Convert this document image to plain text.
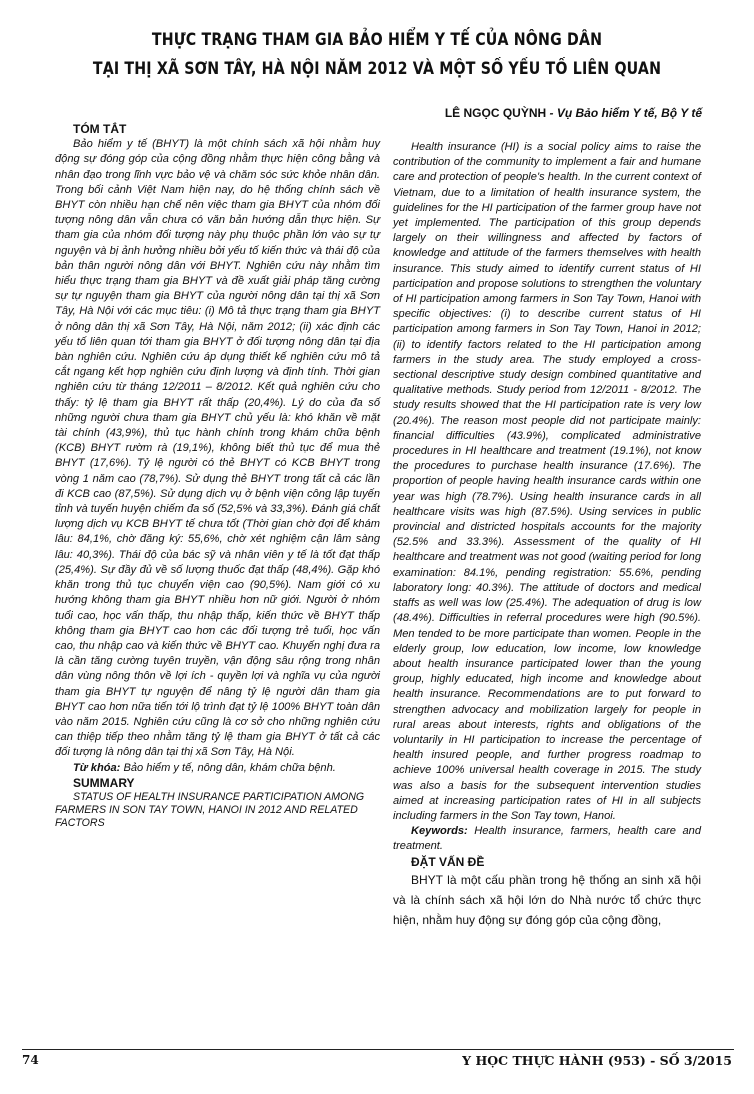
THỰC TRẠNG THAM GIA BẢO HIỂM Y TẾ CỦA NÔNG DÂN
TẠI THỊ XÃ SƠN TÂY, HÀ NỘI NĂM 2012 VÀ MỘT SỐ YẾU TỐ LIÊN QUAN
LÊ NGỌC QUỲNH - Vụ Bảo hiểm Y tế, Bộ Y tế

TÓM TẮT

Bảo hiểm y tế (BHYT) là một chính sách xã hội nhằm huy động sự đóng góp của cộng đồng nhằm thực hiện công bằng và nhân đạo trong lĩnh vực bảo vệ và chăm sóc sức khỏe nhân dân. Trong bối cảnh Việt Nam hiện nay, do hệ thống chính sách về BHYT còn nhiều hạn chế nên việc tham gia BHYT của nhóm đối tượng nông dân vẫn chưa có văn bản hướng dẫn thực hiện. Sự tham gia của nhóm đối tượng này phụ thuộc phần lớn vào sự tự nguyện và bị ảnh hưởng nhiều bởi yếu tố kiến thức và thái độ của bản thân người nông dân với BHYT. Nghiên cứu này nhằm tìm hiểu thực trạng tham gia BHYT và đề xuất giải pháp tăng cường sự tự nguyện tham gia BHYT của người nông dân tại thị xã Sơn Tây, Hà Nội với các mục tiêu: (i) Mô tả thực trạng tham gia BHYT ở nông dân thị xã Sơn Tây, Hà Nội, năm 2012; (ii) xác định các yếu tố liên quan tới tham gia BHYT ở đối tượng nông dân tại địa bàn nghiên cứu. Nghiên cứu áp dụng thiết kế nghiên cứu mô tả cắt ngang kết hợp nghiên cứu định lượng và định tính. Thời gian nghiên cứu từ tháng 12/2011 – 8/2012. Kết quả nghiên cứu cho thấy: tỷ lệ tham gia BHYT rất thấp (20,4%). Lý do của đa số những người chưa tham gia BHYT chủ yếu là: khó khăn về mặt tài chính (43,9%), thủ tục hành chính trong khám chữa bệnh (KCB) BHYT rườm rà (19,1%), không biết thủ tục để mua thẻ BHYT (17,6%). Tỷ lệ người có thẻ BHYT có KCB BHYT trong vòng 1 năm cao (78,7%). Sử dụng thẻ BHYT trong tất cả các lần đi KCB cao (87,5%). Sử dụng dịch vụ ở bệnh viện công lập tuyến tỉnh và tuyến huyện chiếm đa số (52,5% và 33,3%). Đánh giá chất lượng dịch vụ KCB BHYT tế chưa tốt (Thời gian chờ đợi để khám lâu: 84,1%, chờ đăng ký: 55,6%, chờ xét nghiệm cận lâm sàng lâu: 40,3%). Thái độ của bác sỹ và nhân viên y tế là tốt đạt thấp (25,4%). Sự đầy đủ về số lượng thuốc đạt thấp (48,4%). Gặp khó khăn trong thủ tục chuyển viện cao (90,5%). Nam giới có xu hướng không tham gia BHYT nhiều hơn nữ giới. Người ở nhóm tuổi cao, học vấn thấp, thu nhập thấp, kiến thức về BHYT thấp không tham gia BHYT cao hơn các đối tượng trẻ tuổi, học vấn cao, thu nhập cao và kiến thức về BHYT cao. Khuyến nghị đưa ra là cần tăng cường tuyên truyền, vận động sâu rộng trong nhân dân vùng nông thôn về lợi ích - quyền lợi và nghĩa vụ của người tham gia BHYT tự nguyện để nâng tỷ lệ người dân tham gia BHYT cao hơn nữa tiến tới lộ trình đạt tỷ lệ 100% BHYT toàn dân vào năm 2015. Nghiên cứu cũng là cơ sở cho những nghiên cứu can thiệp tiếp theo nhằm tăng tỷ lệ tham gia BHYT ở tất cả các đối tượng là nông dân tại thị xã Sơn Tây, Hà Nội.

Từ khóa: Bảo hiểm y tế, nông dân, khám chữa bệnh.

SUMMARY

STATUS OF HEALTH INSURANCE PARTICIPATION AMONG FARMERS IN SON TAY TOWN, HANOI IN 2012 AND RELATED FACTORS

Health insurance (HI) is a social policy aims to raise the contribution of the community to implement a fair and humane care and protection of people's health. In the current context of Vietnam, due to a limitation of health insurance system, the guidelines for the HI participation of the farmer group have not yet implemented. The participation of this group depends largely on their willingness and affected by factors of knowledge and attitude of the farmers themselves with health insurance. This study aimed to identify current status of HI participation and propose solutions to strengthen the voluntary of HI participation among farmers in Son Tay Town, Hanoi with specific objectives: (i) to describe current status of HI participation among farmers in Son Tay Town, Hanoi in 2012; (ii) to identify factors related to the HI participation among farmers in the study area. The study employed a cross-sectional descriptive study design combined quantitative and qualitative methods. Study period from 12/2011 - 8/2012. The study results showed that the HI participation rate is very low (20.4%). The reason most people did not participate mainly: financial difficulties (43.9%), complicated administrative procedures in HI healthcare and treatment (19.1%), not know the procedures to purchase health insurance (17.6%). The proportion of people having health insurance cards within one year was high (78.7%). Using health insurance cards in all healthcare visits was high (87.5%). Using services in public provincial and districted hospitals accounts for the majority (52.5% and 33.3%). Assessment of the quality of HI healthcare and treatment was not good (waiting period for long examination: 84.1%, pending registration: 55.6%, pending laboratory long: 40.3%). The attitude of doctors and medical staffs as well was low (25.4%). The adequation of drug is low (48.4%). Difficulties in referral procedures were high (90.5%). Men tended to be more participate than women. People in the elderly group, low education, low income, low knowledge about health insurance participated lower than the young group, highly educated, high income and knowledge about health insurance. Recommendations are to put forward to strengthen advocacy and mobilization largely for people in rural areas about interests, rights and obligations of the voluntarily in HI participation to increase the percentage of health insured people, and further progress roadmap to achieve 100% universal health coverage in 2015. The study was also a basis for the subsequent intervention studies aimed at increasing participation rates of HI in all subjects including farmers in the Son Tay town, Hanoi.

Keywords: Health insurance, farmers, health care and treatment.

ĐẶT VẤN ĐỀ

BHYT là một cấu phần trong hệ thống an sinh xã hội và là chính sách xã hội lớn do Nhà nước tổ chức thực hiện, nhằm huy động sự đóng góp của cộng đồng,

74	Y HỌC THỰC HÀNH (953) - SỐ 3/2015
